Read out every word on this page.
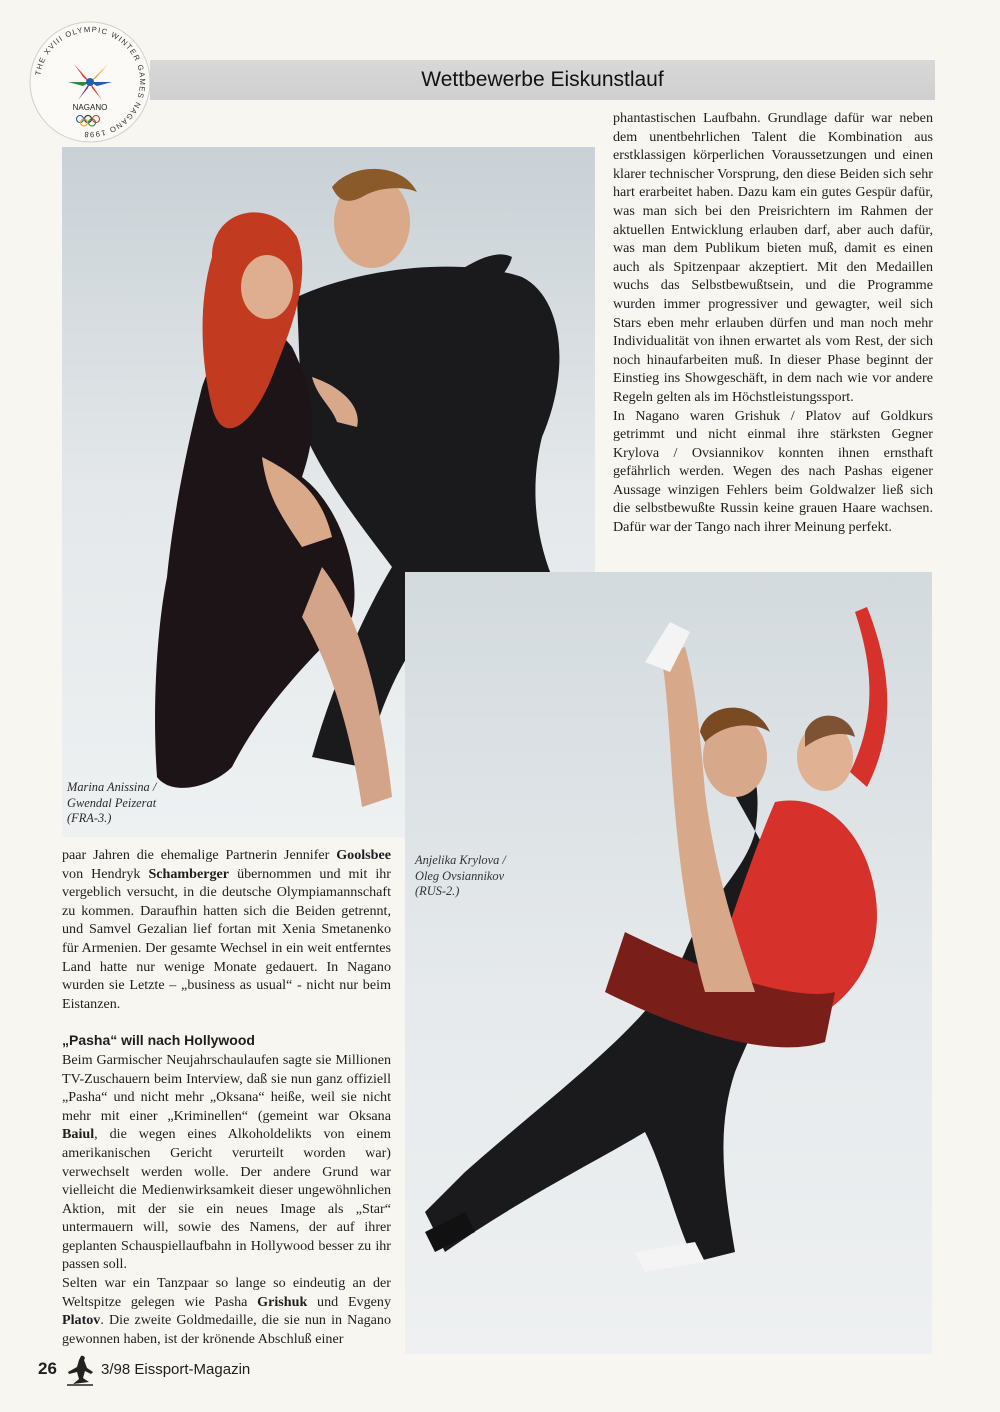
THE XVIII OLYMPIC WINTER GAMES NAGANO 1998
NAGANO
Wettbewerbe Eiskunstlauf
Marina Anissina /
Gwendal Peizerat
(FRA-3.)

phantastischen Laufbahn. Grundlage dafür war neben dem unentbehrlichen Talent die Kombination aus erstklassigen körperlichen Voraussetzungen und einen klarer technischer Vorsprung, den diese Beiden sich sehr hart erarbeitet haben. Dazu kam ein gutes Gespür dafür, was man sich bei den Preisrichtern im Rahmen der aktuellen Entwicklung erlauben darf, aber auch dafür, was man dem Publikum bieten muß, damit es einen auch als Spitzenpaar akzeptiert. Mit den Medaillen wuchs das Selbstbewußtsein, und die Programme wurden immer progressiver und gewagter, weil sich Stars eben mehr erlauben dürfen und man noch mehr Individualität von ihnen erwartet als vom Rest, der sich noch hinaufarbeiten muß. In dieser Phase beginnt der Einstieg ins Showgeschäft, in dem nach wie vor andere Regeln gelten als im Höchstleistungssport.

In Nagano waren Grishuk / Platov auf Goldkurs getrimmt und nicht einmal ihre stärksten Gegner Krylova / Ovsiannikov konnten ihnen ernsthaft gefährlich werden. Wegen des nach Pashas eigener Aussage winzigen Fehlers beim Goldwalzer ließ sich die selbstbewußte Russin keine grauen Haare wachsen. Dafür war der Tango nach ihrer Meinung perfekt.

Anjelika Krylova /
Oleg Ovsiannikov
(RUS-2.)

paar Jahren die ehemalige Partnerin Jennifer Goolsbee von Hendryk Schamberger übernommen und mit ihr vergeblich versucht, in die deutsche Olympiamannschaft zu kommen. Daraufhin hatten sich die Beiden getrennt, und Samvel Gezalian lief fortan mit Xenia Smetanenko für Armenien. Der gesamte Wechsel in ein weit entferntes Land hatte nur wenige Monate gedauert. In Nagano wurden sie Letzte – „business as usual“ - nicht nur beim Eistanzen.

„Pasha“ will nach Hollywood

Beim Garmischer Neujahrschaulaufen sagte sie Millionen TV-Zuschauern beim Interview, daß sie nun ganz offiziell „Pasha“ und nicht mehr „Oksana“ heiße, weil sie nicht mehr mit einer „Kriminellen“ (gemeint war Oksana Baiul, die wegen eines Alkoholdelikts von einem amerikanischen Gericht verurteilt worden war) verwechselt werden wolle. Der andere Grund war vielleicht die Medienwirksamkeit dieser ungewöhnlichen Aktion, mit der sie ein neues Image als „Star“ untermauern will, sowie des Namens, der auf ihrer geplanten Schauspiellaufbahn in Hollywood besser zu ihr passen soll.

Selten war ein Tanzpaar so lange so eindeutig an der Weltspitze gelegen wie Pasha Grishuk und Evgeny Platov. Die zweite Goldmedaille, die sie nun in Nagano gewonnen haben, ist der krönende Abschluß einer

26	3/98 Eissport-Magazin
